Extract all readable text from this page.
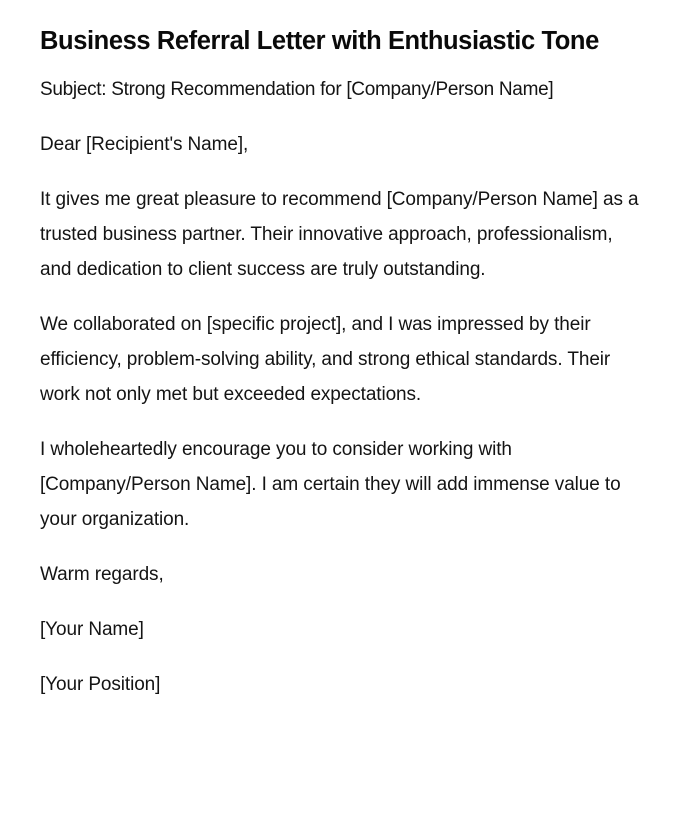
Business Referral Letter with Enthusiastic Tone

Subject: Strong Recommendation for [Company/Person Name]

Dear [Recipient's Name],

It gives me great pleasure to recommend [Company/Person Name] as a trusted business partner. Their innovative approach, professionalism, and dedication to client success are truly outstanding.

We collaborated on [specific project], and I was impressed by their efficiency, problem-solving ability, and strong ethical standards. Their work not only met but exceeded expectations.

I wholeheartedly encourage you to consider working with [Company/Person Name]. I am certain they will add immense value to your organization.

Warm regards,

[Your Name]

[Your Position]
